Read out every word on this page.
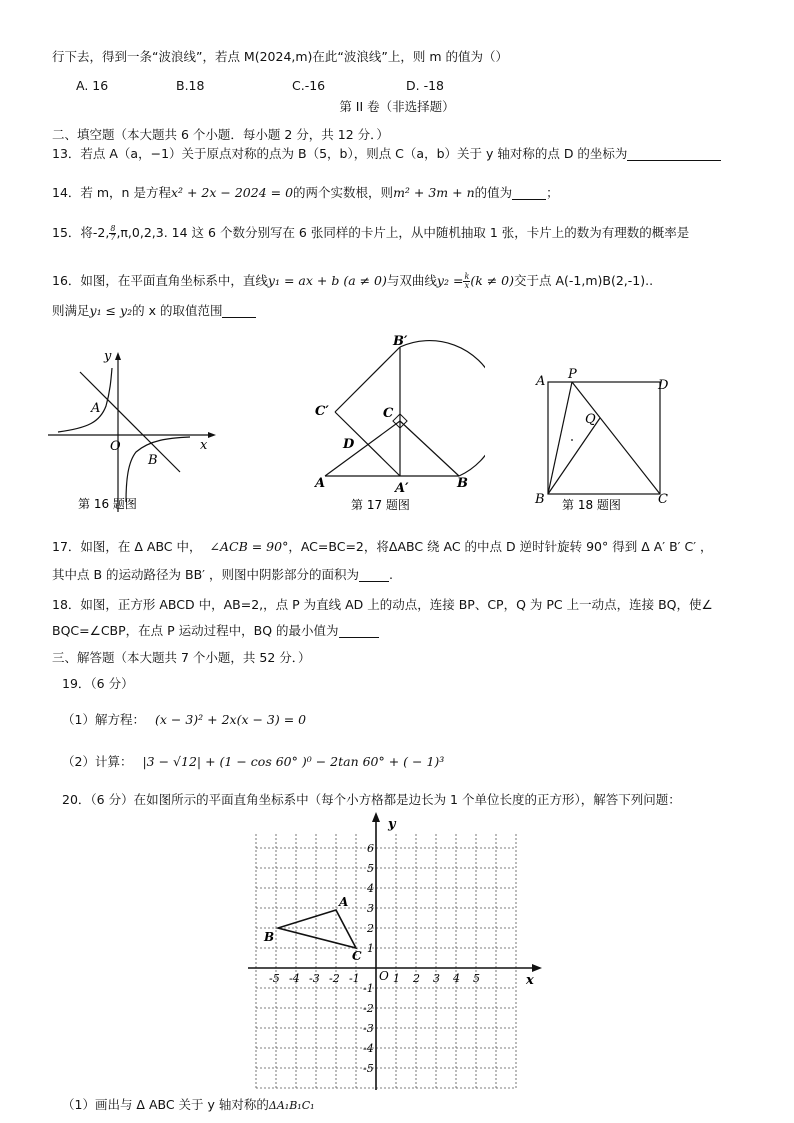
行下去，得到一条“波浪线”，若点 M(2024,m)在此“波浪线”上，则 m 的值为（）
A. 16	B.18	C.-16	D. -18
第 II 卷（非选择题）
二、填空题（本大题共 6 个小题．每小题 2 分，共 12 分．）
13．若点 A（a，−1）关于原点对称的点为 B（5，b），则点 C（a，b）关于 y 轴对称的点 D 的坐标为
14．若 m，n 是方程x² + 2x − 2024 = 0的两个实数根，则m² + 3m + n的值为	；
15．将-2, $\frac{8}{7} ,\pi,0,2,3$. 14 这 6 个数分别写在 6 张同样的卡片上，从中随机抽取 1 张，卡片上的数为有理数的概率是
16．如图，在平面直角坐标系中，直线y₁ = ax + b (a ≠ 0)与双曲线$y_2 = \frac{k}{x} (k \ne 0)$交于点 A(-1,m)B(2,-1)..
则满足y₁ ≤ y₂的 x 的取值范围
y
x
O
A
B
第 16 题图
B′
C′	C
D
A	A′	B
第 17 题图
A P
D
Q
B	C
第 18 题图
17．如图，在 Δ ABC 中， ∠ACB = 90°，AC=BC=2，将ΔABC 绕 AC 的中点 D 逆时针旋转 90° 得到 Δ A′ B′ C′ ，
其中点 B 的运动路径为 BB′ ，则图中阴影部分的面积为 .
18．如图，正方形 ABCD 中，AB=2,，点 P 为直线 AD 上的动点，连接 BP、CP，Q 为 PC 上一动点，连接 BQ，使∠
BQC=∠CBP，在点 P 运动过程中，BQ 的最小值为
三、解答题（本大题共 7 个小题，共 52 分．）
19．（6 分）
（1）解方程： (x − 3)² + 2x(x − 3) = 0
（2）计算： |3 − √12| + (1 − cos 60° )⁰ − 2tan 60° + ( − 1)³
20．（6 分）在如图所示的平面直角坐标系中（每个小方格都是边长为 1 个单位长度的正方形），解答下列问题：
-5 -4 -3 -2 -1	1 2 3 4 5
1
2
3
4
5
6
-1
-2
-3
-4
-5
x
y
O
A
B
C
（1）画出与 Δ ABC 关于 y 轴对称的ΔA₁B₁C₁
